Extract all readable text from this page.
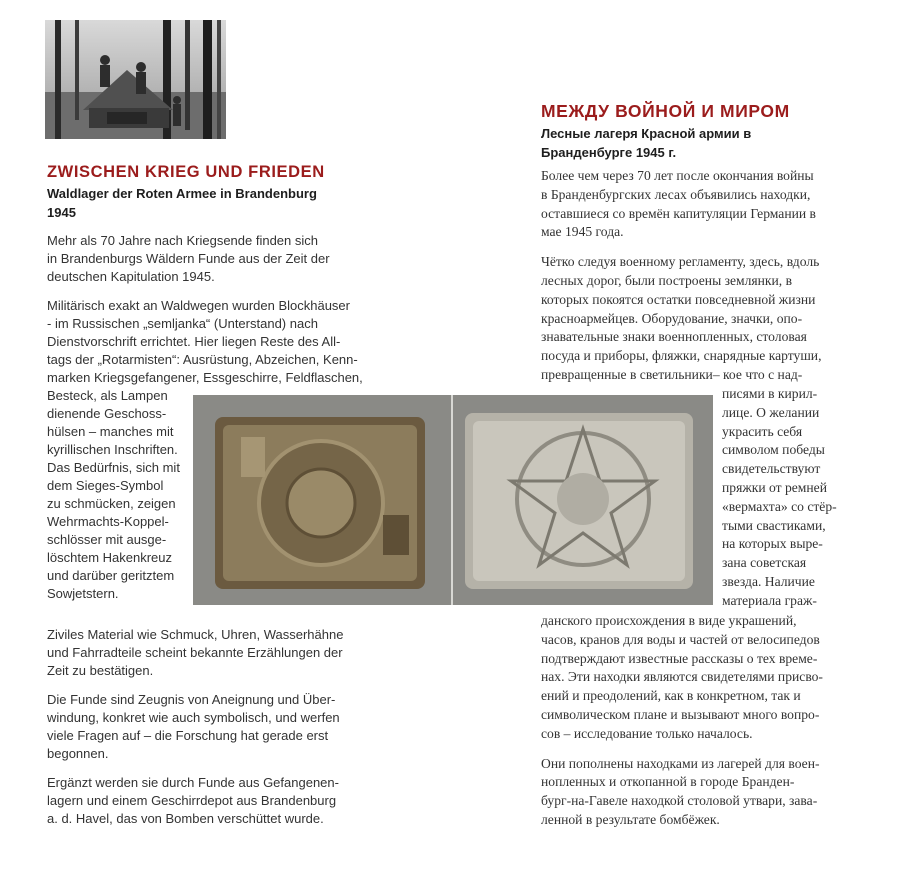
ZWISCHEN KRIEG UND FRIEDEN
Waldlager der Roten Armee in Brandenburg
1945

Mehr als 70 Jahre nach Kriegsende finden sich
in Brandenburgs Wäldern Funde aus der Zeit der
deutschen Kapitulation 1945.

Militärisch exakt an Waldwegen wurden Blockhäuser
- im Russischen „semljanka“ (Unterstand) nach
Dienstvorschrift errichtet. Hier liegen Reste des All-
tags der „Rotarmisten“: Ausrüstung, Abzeichen, Kenn-
marken Kriegsgefangener, Essgeschirre, Feldflaschen,
Besteck, als Lampen
dienende Geschoss-
hülsen – manches mit
kyrillischen Inschriften.
Das Bedürfnis, sich mit
dem Sieges-Symbol
zu schmücken, zeigen
Wehrmachts-Koppel-
schlösser mit ausge-
löschtem Hakenkreuz
und darüber geritztem
Sowjetstern.

Ziviles Material wie Schmuck, Uhren, Wasserhähne
und Fahrradteile scheint bekannte Erzählungen der
Zeit zu bestätigen.

Die Funde sind Zeugnis von Aneignung und Über-
windung, konkret wie auch symbolisch, und werfen
viele Fragen auf – die Forschung hat gerade erst
begonnen.

Ergänzt werden sie durch Funde aus Gefangenen-
lagern und einem Geschirrdepot aus Brandenburg
a. d. Havel, das von Bomben verschüttet wurde.

МЕЖДУ ВОЙНОЙ И МИРОМ
Лесные лагеря Красной армии в
Бранденбурге 1945 г.

Более чем через 70 лет после окончания войны
в Бранденбургских лесах объявились находки,
оставшиеся со времён капитуляции Германии в
мае 1945 года.

Чётко следуя военному регламенту, здесь, вдоль
лесных дорог, были построены землянки, в
которых покоятся остатки повседневной жизни
красноармейцев. Оборудование, значки, опо-
знавательные знаки военнопленных, столовая
посуда и приборы, фляжки, снарядные картуши,
превращенные в светильники– кое что с над-

писями в кирил-
лице. О желании
украсить себя
символом победы
свидетельствуют
пряжки от ремней
«вермахта» со стёр-
тыми свастиками,
на которых выре-
зана советская
звезда. Наличие
материала граж-

данского происхождения в виде украшений,
часов, кранов для воды и частей от велосипедов
подтверждают известные рассказы о тех време-
нах. Эти находки являются свидетелями присво-
ений и преодолений, как в конкретном, так и
символическом плане и вызывают много вопро-
сов – исследование только началось.

Они пополнены находками из лагерей для воен-
нопленных и откопанной в городе Бранден-
бург-на-Гавеле находкой столовой утвари, зава-
ленной в результате бомбёжек.
